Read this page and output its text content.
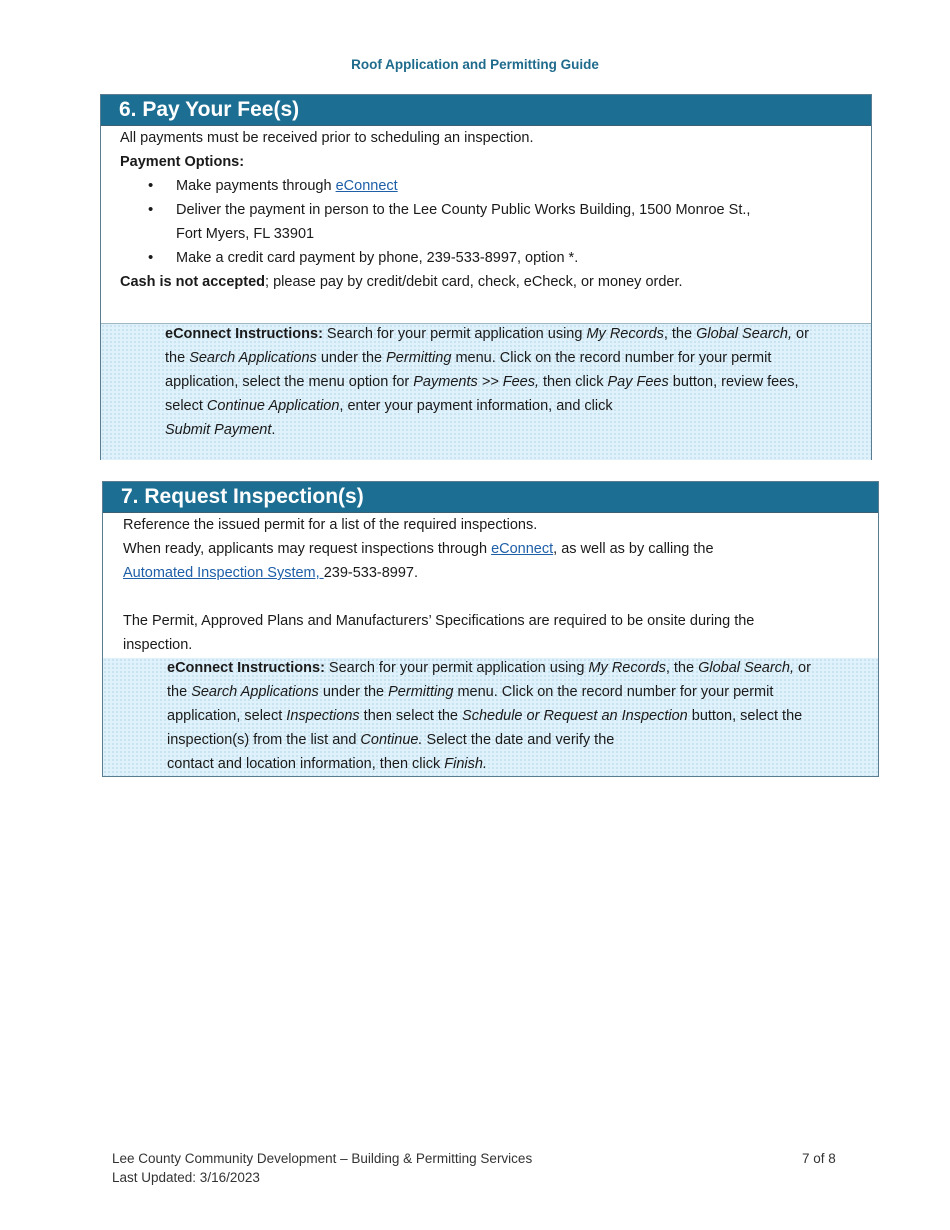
Roof Application and Permitting Guide
6. Pay Your Fee(s)
All payments must be received prior to scheduling an inspection.
Payment Options:
• Make payments through eConnect
• Deliver the payment in person to the Lee County Public Works Building, 1500 Monroe St.,
Fort Myers, FL 33901
• Make a credit card payment by phone, 239-533-8997, option *.
Cash is not accepted; please pay by credit/debit card, check, eCheck, or money order.
eConnect Instructions: Search for your permit application using My Records, the Global Search, or
the Search Applications under the Permitting menu. Click on the record number for your permit
application, select the menu option for Payments >> Fees, then click Pay Fees button, review fees,
select Continue Application, enter your payment information, and click
Submit Payment.
7. Request Inspection(s)
Reference the issued permit for a list of the required inspections.
When ready, applicants may request inspections through eConnect, as well as by calling the
Automated Inspection System, 239-533-8997.
The Permit, Approved Plans and Manufacturers’ Specifications are required to be onsite during the
inspection.
eConnect Instructions: Search for your permit application using My Records, the Global Search, or
the Search Applications under the Permitting menu. Click on the record number for your permit
application, select Inspections then select the Schedule or Request an Inspection button, select the
inspection(s) from the list and Continue. Select the date and verify the
contact and location information, then click Finish.
Lee County Community Development – Building & Permitting Services
Last Updated: 3/16/2023
7 of 8
